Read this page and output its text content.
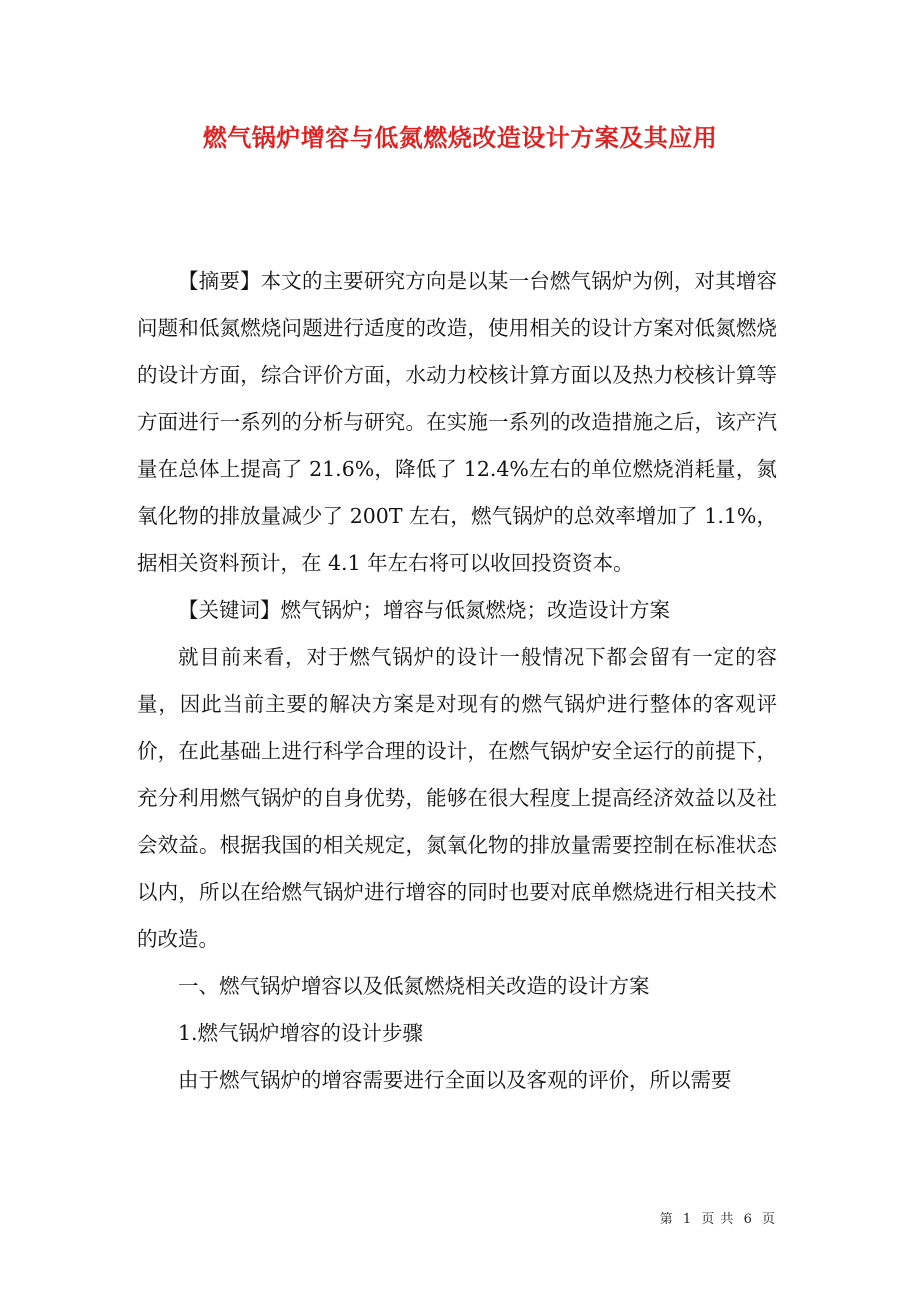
燃气锅炉增容与低氮燃烧改造设计方案及其应用

【摘要】本文的主要研究方向是以某一台燃气锅炉为例，对其增容问题和低氮燃烧问题进行适度的改造，使用相关的设计方案对低氮燃烧的设计方面，综合评价方面，水动力校核计算方面以及热力校核计算等方面进行一系列的分析与研究。在实施一系列的改造措施之后，该产汽量在总体上提高了 21.6%，降低了 12.4%左右的单位燃烧消耗量，氮氧化物的排放量减少了 200T 左右，燃气锅炉的总效率增加了 1.1%，据相关资料预计，在 4.1 年左右将可以收回投资资本。

【关键词】燃气锅炉；增容与低氮燃烧；改造设计方案

就目前来看，对于燃气锅炉的设计一般情况下都会留有一定的容量，因此当前主要的解决方案是对现有的燃气锅炉进行整体的客观评价，在此基础上进行科学合理的设计，在燃气锅炉安全运行的前提下，充分利用燃气锅炉的自身优势，能够在很大程度上提高经济效益以及社会效益。根据我国的相关规定，氮氧化物的排放量需要控制在标准状态以内，所以在给燃气锅炉进行增容的同时也要对底单燃烧进行相关技术的改造。

一、燃气锅炉增容以及低氮燃烧相关改造的设计方案

1.燃气锅炉增容的设计步骤

由于燃气锅炉的增容需要进行全面以及客观的评价，所以需要

第 1 页 共 6 页
